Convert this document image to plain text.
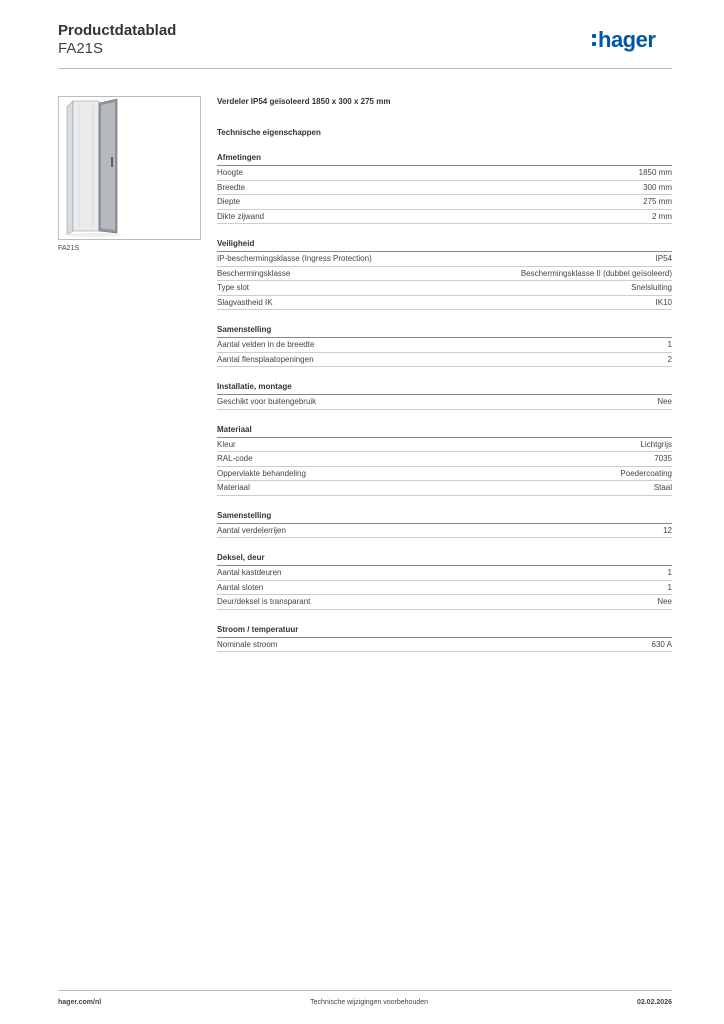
Productdatablad
FA21S	hager
FA21S
Verdeler IP54 geïsoleerd 1850 x 300 x 275 mm
Technische eigenschappen
Afmetingen
Hoogte	1850 mm
Breedte	300 mm
Diepte	275 mm
Dikte zijwand	2 mm
Veiligheid
IP-beschermingsklasse (Ingress Protection)	IP54
Beschermingsklasse	Beschermingsklasse II (dubbel geïsoleerd)
Type slot	Snelsluiting
Slagvastheid IK	IK10
Samenstelling
Aantal velden in de breedte	1
Aantal flensplaatopeningen	2
Installatie, montage
Geschikt voor buitengebruik	Nee
Materiaal
Kleur	Lichtgrijs
RAL-code	7035
Oppervlakte behandeling	Poedercoating
Materiaal	Staal
Samenstelling
Aantal verdelerrijen	12
Deksel, deur
Aantal kastdeuren	1
Aantal sloten	1
Deur/deksel is transparant	Nee
Stroom / temperatuur
Nominale stroom	630 A
hager.com/nl	Technische wijzigingen voorbehouden	02.02.2026
